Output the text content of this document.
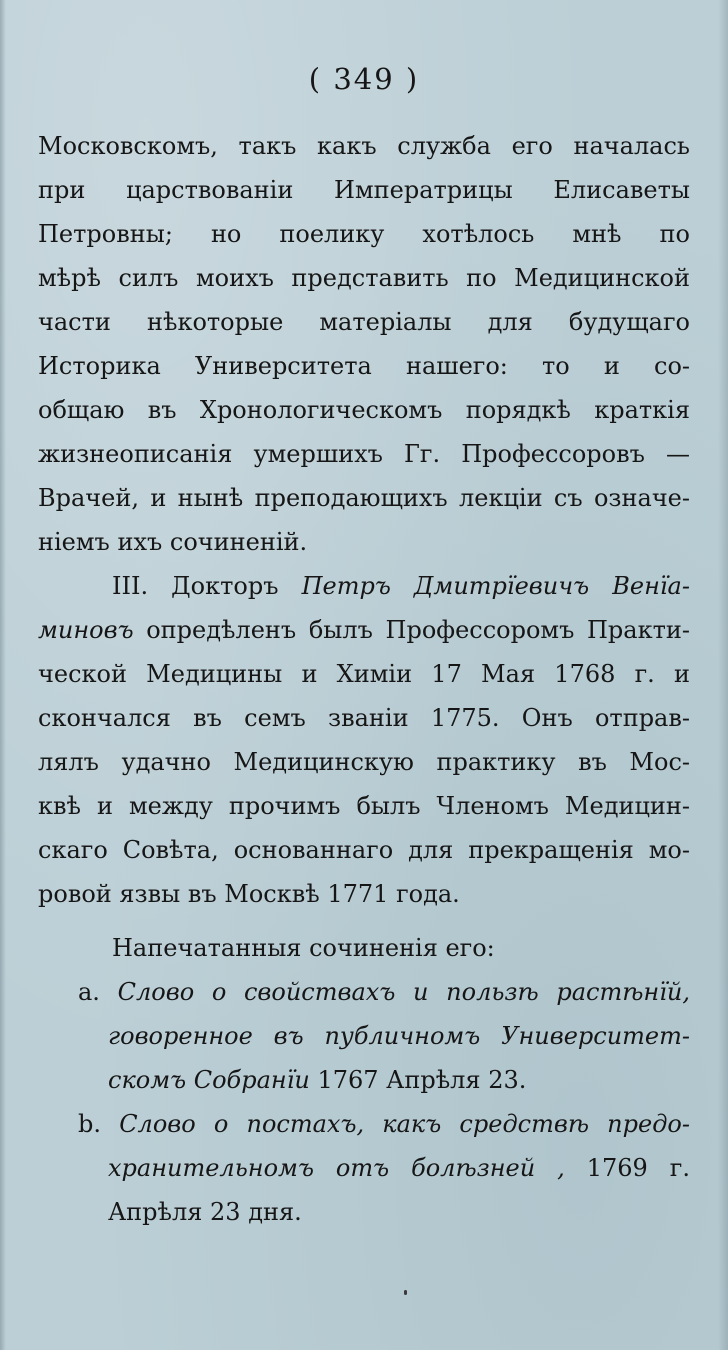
( 349 )
Московскомъ, такъ какъ служба его началась
при царствованіи Императрицы Елисаветы
Петровны; но поелику хотѣлось мнѣ по
мѣрѣ силъ моихъ представить по Медицинской
части нѣкоторые матеріалы для будущаго
Историка Университета нашего: то и со-
общаю въ Хронологическомъ порядкѣ краткія
жизнеописанія умершихъ Гг. Профессоровъ —
Врачей, и нынѣ преподающихъ лекціи съ означе-
ніемъ ихъ сочиненій.
III. Докторъ Петръ Дмитрїевичъ Венїа-
миновъ опредѣленъ былъ Профессоромъ Практи-
ческой Медицины и Химіи 17 Мая 1768 г. и
скончался въ семъ званіи 1775. Онъ отправ-
лялъ удачно Медицинскую практику въ Мос-
квѣ и между прочимъ былъ Членомъ Медицин-
скаго Совѣта, основаннаго для прекращенія мо-
ровой язвы въ Москвѣ 1771 года.
Напечатанныя сочиненія его:
a. Слово о свойствахъ и пользѣ растѣнїй,
говоренное въ публичномъ Университет-
скомъ Собранїи 1767 Апрѣля 23.
b. Слово о постахъ, какъ средствѣ предо-
хранительномъ отъ болѣзней , 1769 г.
Апрѣля 23 дня.
